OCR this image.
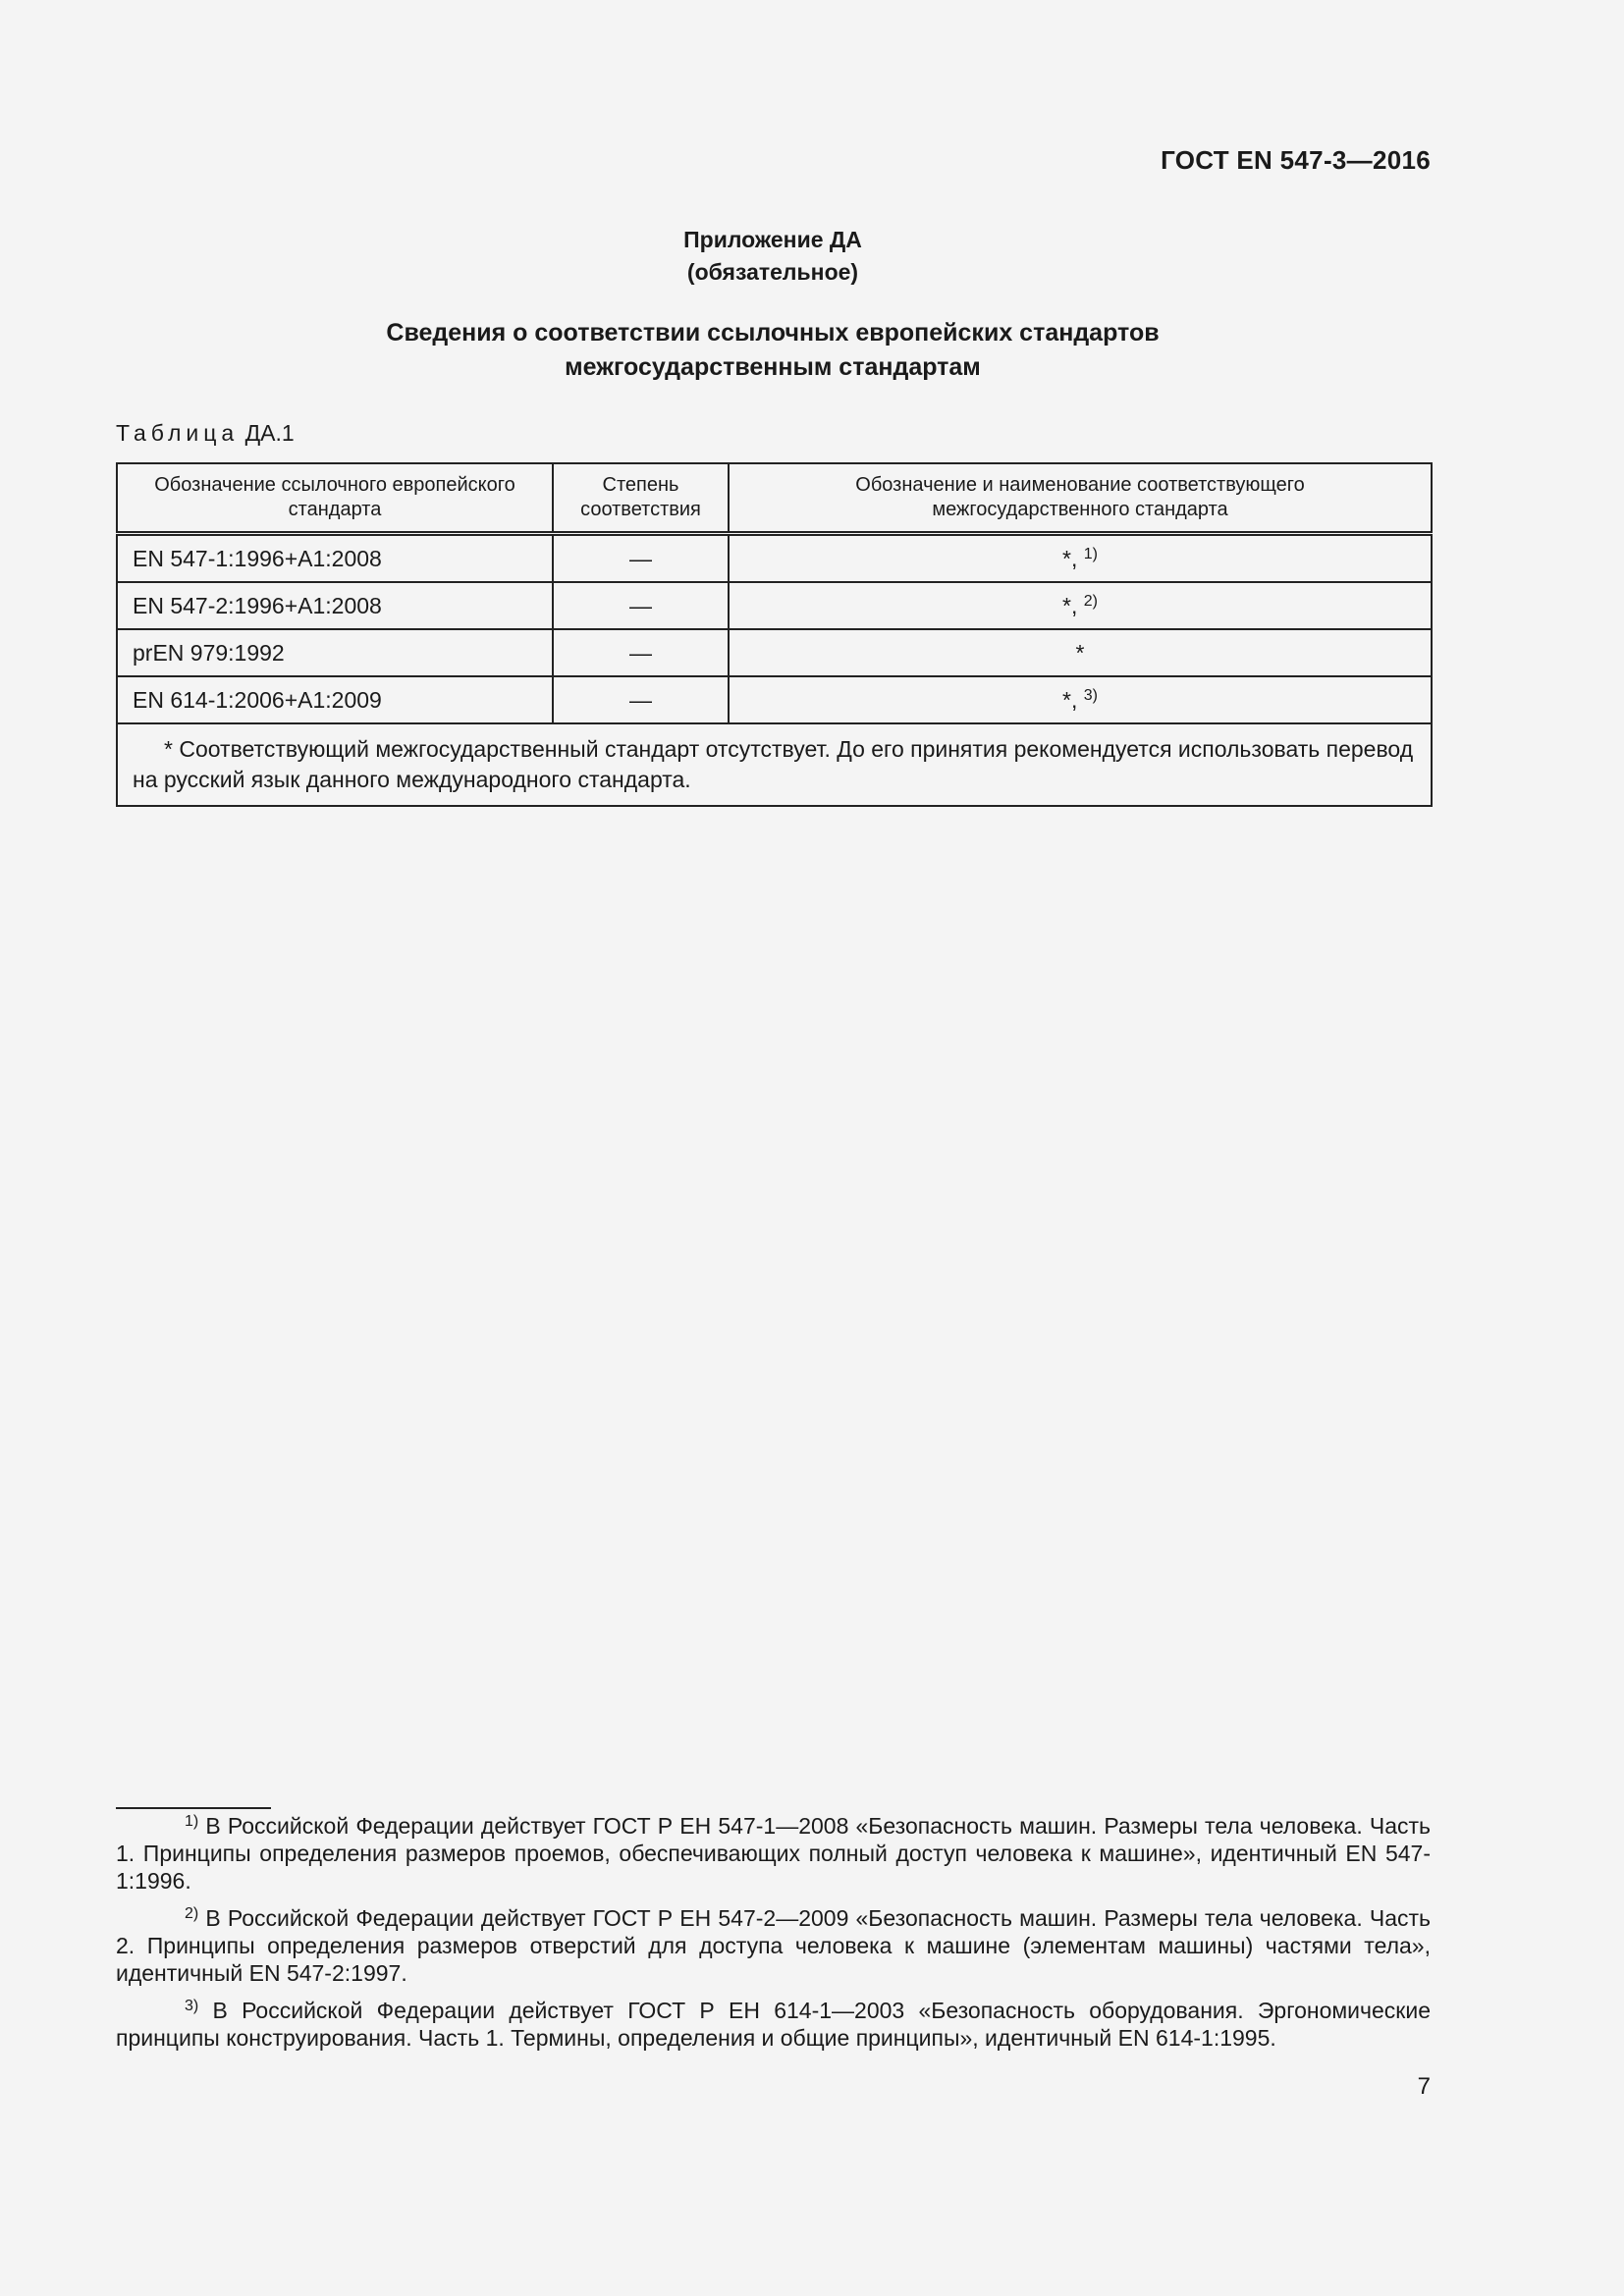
ГОСТ EN 547-3—2016
Приложение ДА
(обязательное)
Сведения о соответствии ссылочных европейских стандартов
межгосударственным стандартам
Таблица ДА.1
Обозначение ссылочного европейского стандарта	Степень соответствия	Обозначение и наименование соответствующего межгосударственного стандарта
EN 547-1:1996+A1:2008	—	*, $^{1)}$
EN 547-2:1996+A1:2008	—	*, $^{2)}$
prEN 979:1992	—	*
EN 614-1:2006+A1:2009	—	*, $^{3)}$
* Соответствующий межгосударственный стандарт отсутствует. До его принятия рекомендуется использовать перевод на русский язык данного международного стандарта.		

$^{1)}$ В Российской Федерации действует ГОСТ Р ЕН 547-1—2008 «Безопасность машин. Размеры тела человека. Часть 1. Принципы определения размеров проемов, обеспечивающих полный доступ человека к машине», идентичный EN 547-1:1996.

$^{2)}$ В Российской Федерации действует ГОСТ Р ЕН 547-2—2009 «Безопасность машин. Размеры тела человека. Часть 2. Принципы определения размеров отверстий для доступа человека к машине (элементам машины) частями тела», идентичный EN 547-2:1997.

$^{3)}$ В Российской Федерации действует ГОСТ Р ЕН 614-1—2003 «Безопасность оборудования. Эргономические принципы конструирования. Часть 1. Термины, определения и общие принципы», идентичный EN 614-1:1995.

7
